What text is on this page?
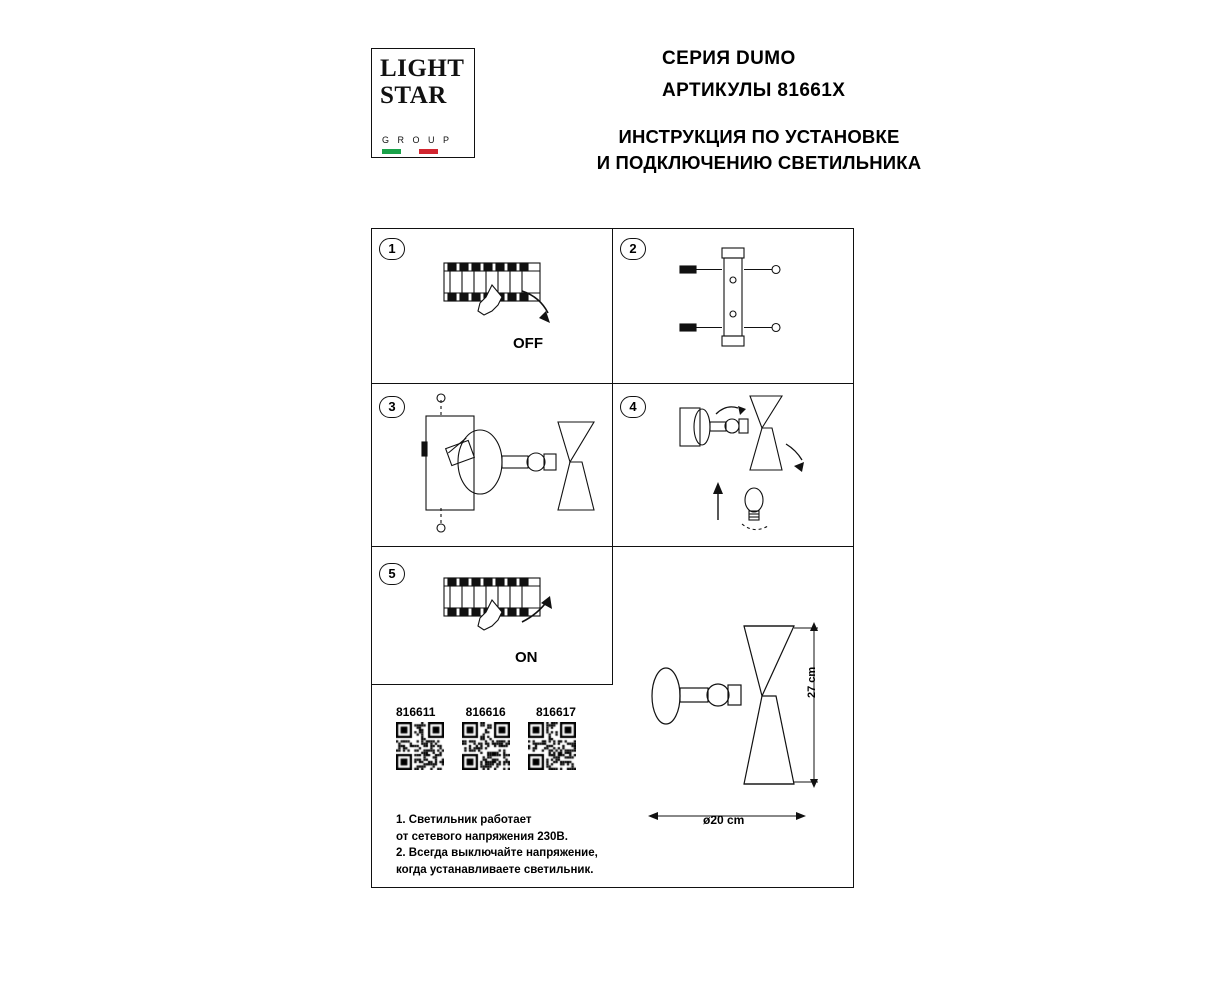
LIGHT
STAR
G R O U P
СЕРИЯ DUMO
АРТИКУЛЫ 81661X
ИНСТРУКЦИЯ ПО УСТАНОВКЕ
И ПОДКЛЮЧЕНИЮ СВЕТИЛЬНИКА
1	2
3	4
5
OFF
ON
816611	816616	816617
1. Светильник работает
от сетевого напряжения 230В.
2. Всегда выключайте напряжение,
когда устанавливаете светильник.
27 cm
ø20 cm
